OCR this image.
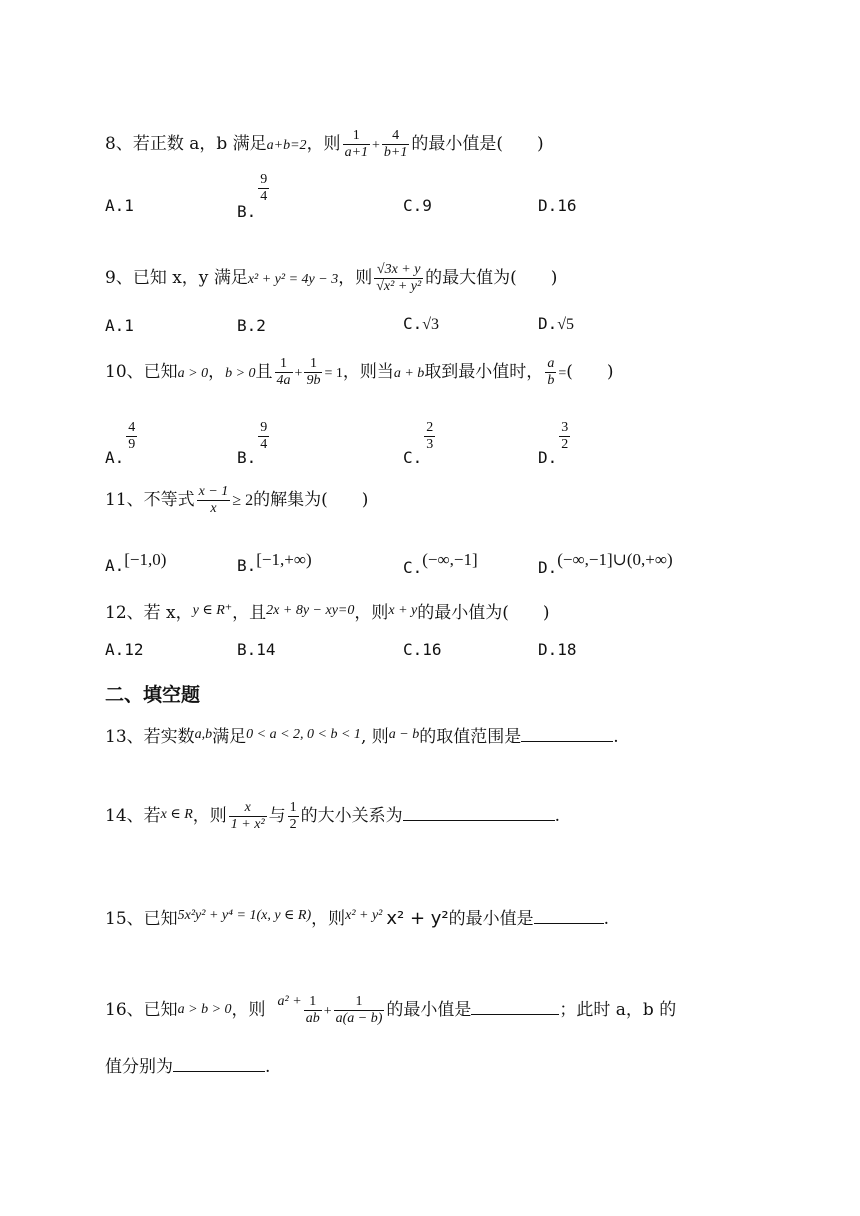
8、若正数 a，b 满足a+b=2，则 $\frac{1}{a+1} + \frac{4}{b+1}$ 的最小值是(　　)
A.1	B.
$\frac{9}{4}$
C.9	D.16
9、已知 x，y 满足x² + y² = 4y − 3，则 $\frac{√3x + y}{\text{√x² + y²}}$ 的最大值为(　　)
A.1	B.2	C.√3	D.√5
10、已知a > 0，b > 0且 $\frac{1}{4a} + \frac{1}{9b} = 1$，则当a + b取到最小值时， $\frac{a}{b}$ =(　　)
A.
$\frac{4}{9}$
B.
$\frac{9}{4}$
C.
$\frac{2}{3}$
D.
$\frac{3}{2}$
11、不等式 $\frac{x - 1}{x} \ge 2$的解集为(　　)
A.[−1,0)	B.[−1,+∞)	C.(−∞,−1]	D.(−∞,−1]∪(0,+∞)
12、若 x，$^{y \in R^+}$，且$^{2x + 8y - xy=0}$，则$^{x + y}$的最小值为(　　)
A.12	B.14	C.16	D.18
二、填空题
13、若实数$^{a,b}$满足$^{0 < a < 2, 0 < b < 1}$, 则$^{a - b}$的取值范围是	.
14、若x ∈ R，则 $\frac{x}{\text{1 + x²}}$ 与 $\frac{1}{2}$ 的大小关系为	.
15、已知$^{5x^2y^2 + y^4 = 1(x, y \in R)}$，则$^{x^2 + y^2}$ x² + y²的最小值是	.
16、已知a > b > 0，则 $^{a^2 +} \frac{1}{ab} + \frac{1}{a(a - b)}$ 的最小值是	；此时 a，b 的
值分别为	.
